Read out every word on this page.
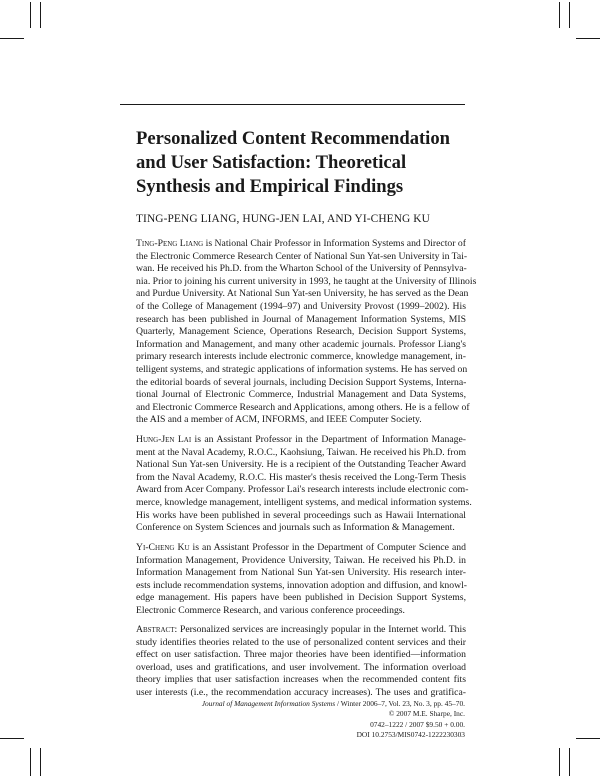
Personalized Content Recommendation
and User Satisfaction: Theoretical
Synthesis and Empirical Findings
TING-PENG LIANG, HUNG-JEN LAI, AND YI-CHENG KU

Ting-Peng Liang is National Chair Professor in Information Systems and Director of
the Electronic Commerce Research Center of National Sun Yat-sen University in Tai-
wan. He received his Ph.D. from the Wharton School of the University of Pennsylva-
nia. Prior to joining his current university in 1993, he taught at the University of Illinois
and Purdue University. At National Sun Yat-sen University, he has served as the Dean
of the College of Management (1994–97) and University Provost (1999–2002). His
research has been published in Journal of Management Information Systems, MIS
Quarterly, Management Science, Operations Research, Decision Support Systems,
Information and Management, and many other academic journals. Professor Liang's
primary research interests include electronic commerce, knowledge management, in-
telligent systems, and strategic applications of information systems. He has served on
the editorial boards of several journals, including Decision Support Systems, Interna-
tional Journal of Electronic Commerce, Industrial Management and Data Systems,
and Electronic Commerce Research and Applications, among others. He is a fellow of
the AIS and a member of ACM, INFORMS, and IEEE Computer Society.

Hung-Jen Lai is an Assistant Professor in the Department of Information Manage-
ment at the Naval Academy, R.O.C., Kaohsiung, Taiwan. He received his Ph.D. from
National Sun Yat-sen University. He is a recipient of the Outstanding Teacher Award
from the Naval Academy, R.O.C. His master's thesis received the Long-Term Thesis
Award from Acer Company. Professor Lai's research interests include electronic com-
merce, knowledge management, intelligent systems, and medical information systems.
His works have been published in several proceedings such as Hawaii International
Conference on System Sciences and journals such as Information & Management.

Yi-Cheng Ku is an Assistant Professor in the Department of Computer Science and
Information Management, Providence University, Taiwan. He received his Ph.D. in
Information Management from National Sun Yat-sen University. His research inter-
ests include recommendation systems, innovation adoption and diffusion, and knowl-
edge management. His papers have been published in Decision Support Systems,
Electronic Commerce Research, and various conference proceedings.

Abstract: Personalized services are increasingly popular in the Internet world. This
study identifies theories related to the use of personalized content services and their
effect on user satisfaction. Three major theories have been identified—information
overload, uses and gratifications, and user involvement. The information overload
theory implies that user satisfaction increases when the recommended content fits
user interests (i.e., the recommendation accuracy increases). The uses and gratifica-

Journal of Management Information Systems / Winter 2006–7, Vol. 23, No. 3, pp. 45–70.
© 2007 M.E. Sharpe, Inc.
0742–1222 / 2007 $9.50 + 0.00.
DOI 10.2753/MIS0742-1222230303
